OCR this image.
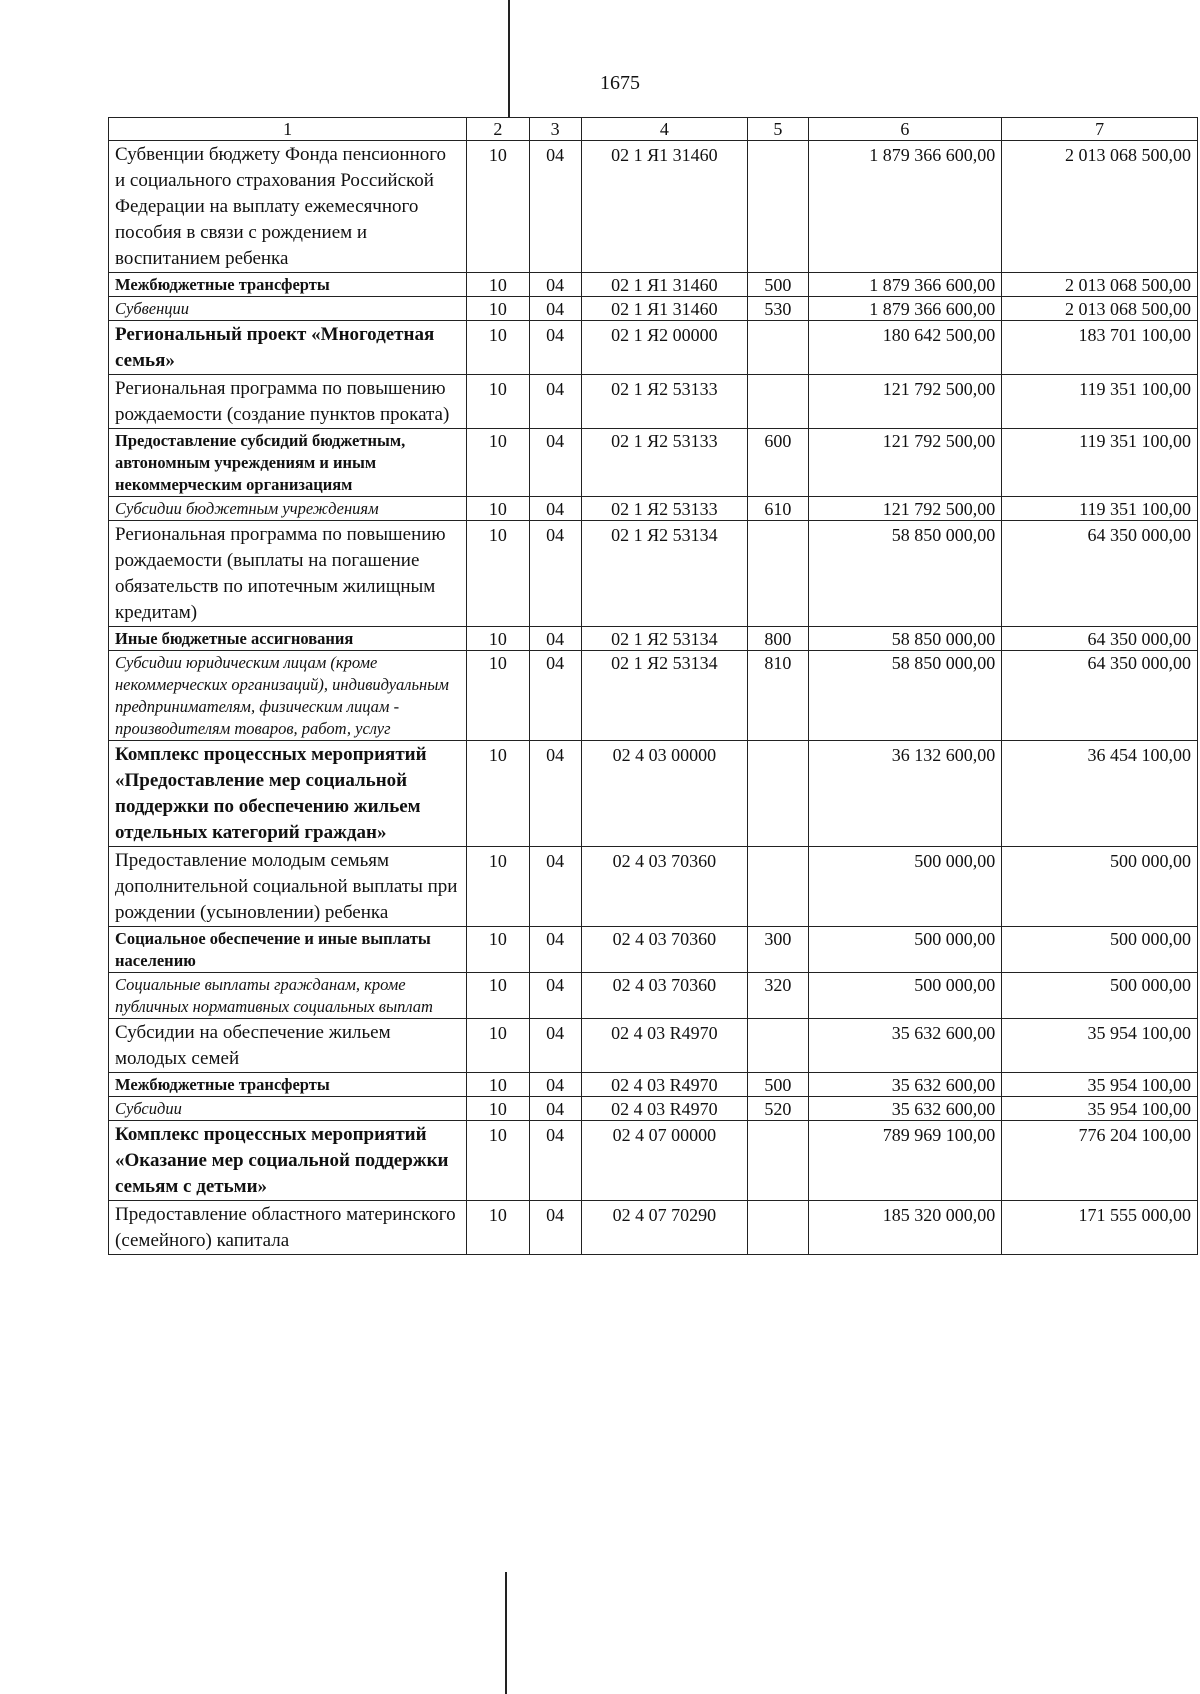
1675
1	2	3	4	5	6	7
Субвенции бюджету Фонда пенсионного и социального страхования Российской Федерации на выплату ежемесячного пособия в связи с рождением и воспитанием ребенка	10	04	02 1 Я1 31460		1 879 366 600,00	2 013 068 500,00
Межбюджетные трансферты	10	04	02 1 Я1 31460	500	1 879 366 600,00	2 013 068 500,00
Субвенции	10	04	02 1 Я1 31460	530	1 879 366 600,00	2 013 068 500,00
Региональный проект «Многодетная семья»	10	04	02 1 Я2 00000		180 642 500,00	183 701 100,00
Региональная программа по повышению рождаемости (создание пунктов проката)	10	04	02 1 Я2 53133		121 792 500,00	119 351 100,00
Предоставление субсидий бюджетным, автономным учреждениям и иным некоммерческим организациям	10	04	02 1 Я2 53133	600	121 792 500,00	119 351 100,00
Субсидии бюджетным учреждениям	10	04	02 1 Я2 53133	610	121 792 500,00	119 351 100,00
Региональная программа по повышению рождаемости (выплаты на погашение обязательств по ипотечным жилищным кредитам)	10	04	02 1 Я2 53134		58 850 000,00	64 350 000,00
Иные бюджетные ассигнования	10	04	02 1 Я2 53134	800	58 850 000,00	64 350 000,00
Субсидии юридическим лицам (кроме некоммерческих организаций), индивидуальным предпринимателям, физическим лицам - производителям товаров, работ, услуг	10	04	02 1 Я2 53134	810	58 850 000,00	64 350 000,00
Комплекс процессных мероприятий «Предоставление мер социальной поддержки по обеспечению жильем отдельных категорий граждан»	10	04	02 4 03 00000		36 132 600,00	36 454 100,00
Предоставление молодым семьям дополнительной социальной выплаты при рождении (усыновлении) ребенка	10	04	02 4 03 70360		500 000,00	500 000,00
Социальное обеспечение и иные выплаты населению	10	04	02 4 03 70360	300	500 000,00	500 000,00
Социальные выплаты гражданам, кроме публичных нормативных социальных выплат	10	04	02 4 03 70360	320	500 000,00	500 000,00
Субсидии на обеспечение жильем молодых семей	10	04	02 4 03 R4970		35 632 600,00	35 954 100,00
Межбюджетные трансферты	10	04	02 4 03 R4970	500	35 632 600,00	35 954 100,00
Субсидии	10	04	02 4 03 R4970	520	35 632 600,00	35 954 100,00
Комплекс процессных мероприятий «Оказание мер социальной поддержки семьям с детьми»	10	04	02 4 07 00000		789 969 100,00	776 204 100,00
Предоставление областного материнского (семейного) капитала	10	04	02 4 07 70290		185 320 000,00	171 555 000,00
